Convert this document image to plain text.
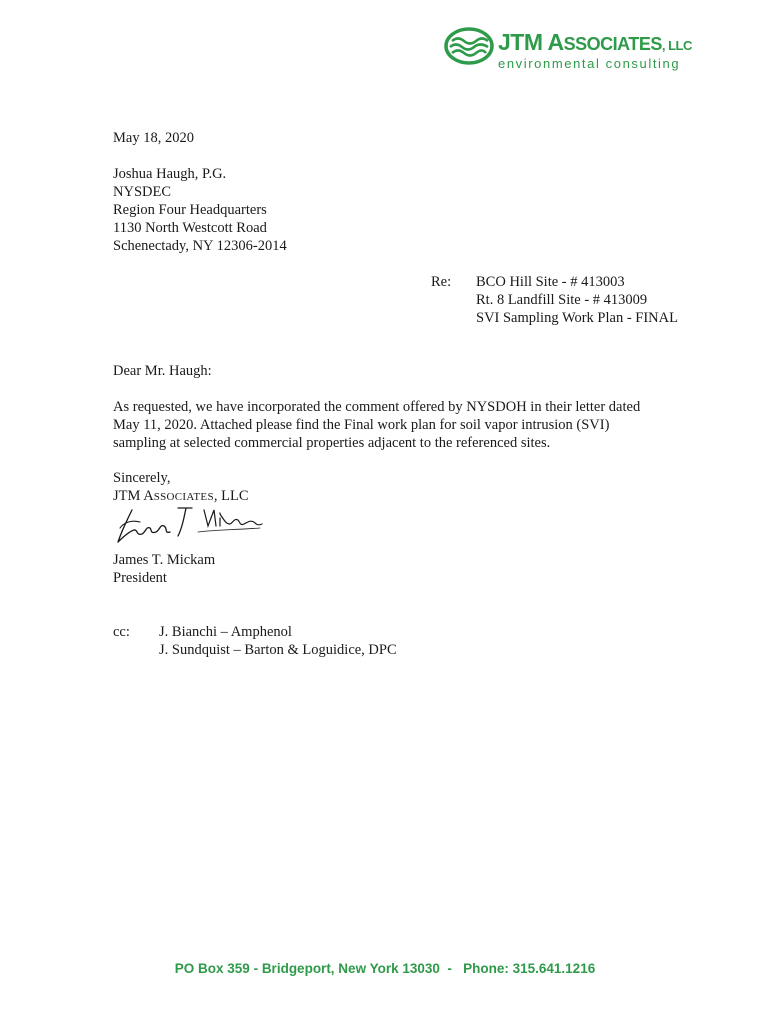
JTM ASSOCIATES, LLC
environmental consulting
May 18, 2020
Joshua Haugh, P.G.
NYSDEC
Region Four Headquarters
1130 North Westcott Road
Schenectady, NY 12306-2014
Re: BCO Hill Site - # 413003
Rt. 8 Landfill Site - # 413009
SVI Sampling Work Plan - FINAL
Dear Mr. Haugh:
As requested, we have incorporated the comment offered by NYSDOH in their letter dated
May 11, 2020. Attached please find the Final work plan for soil vapor intrusion (SVI)
sampling at selected commercial properties adjacent to the referenced sites.
Sincerely,
JTM ASSOCIATES, LLC
James T. Mickam
President
cc: J. Bianchi – Amphenol
J. Sundquist – Barton & Loguidice, DPC
PO Box 359 - Bridgeport, New York 13030  -   Phone: 315.641.1216
